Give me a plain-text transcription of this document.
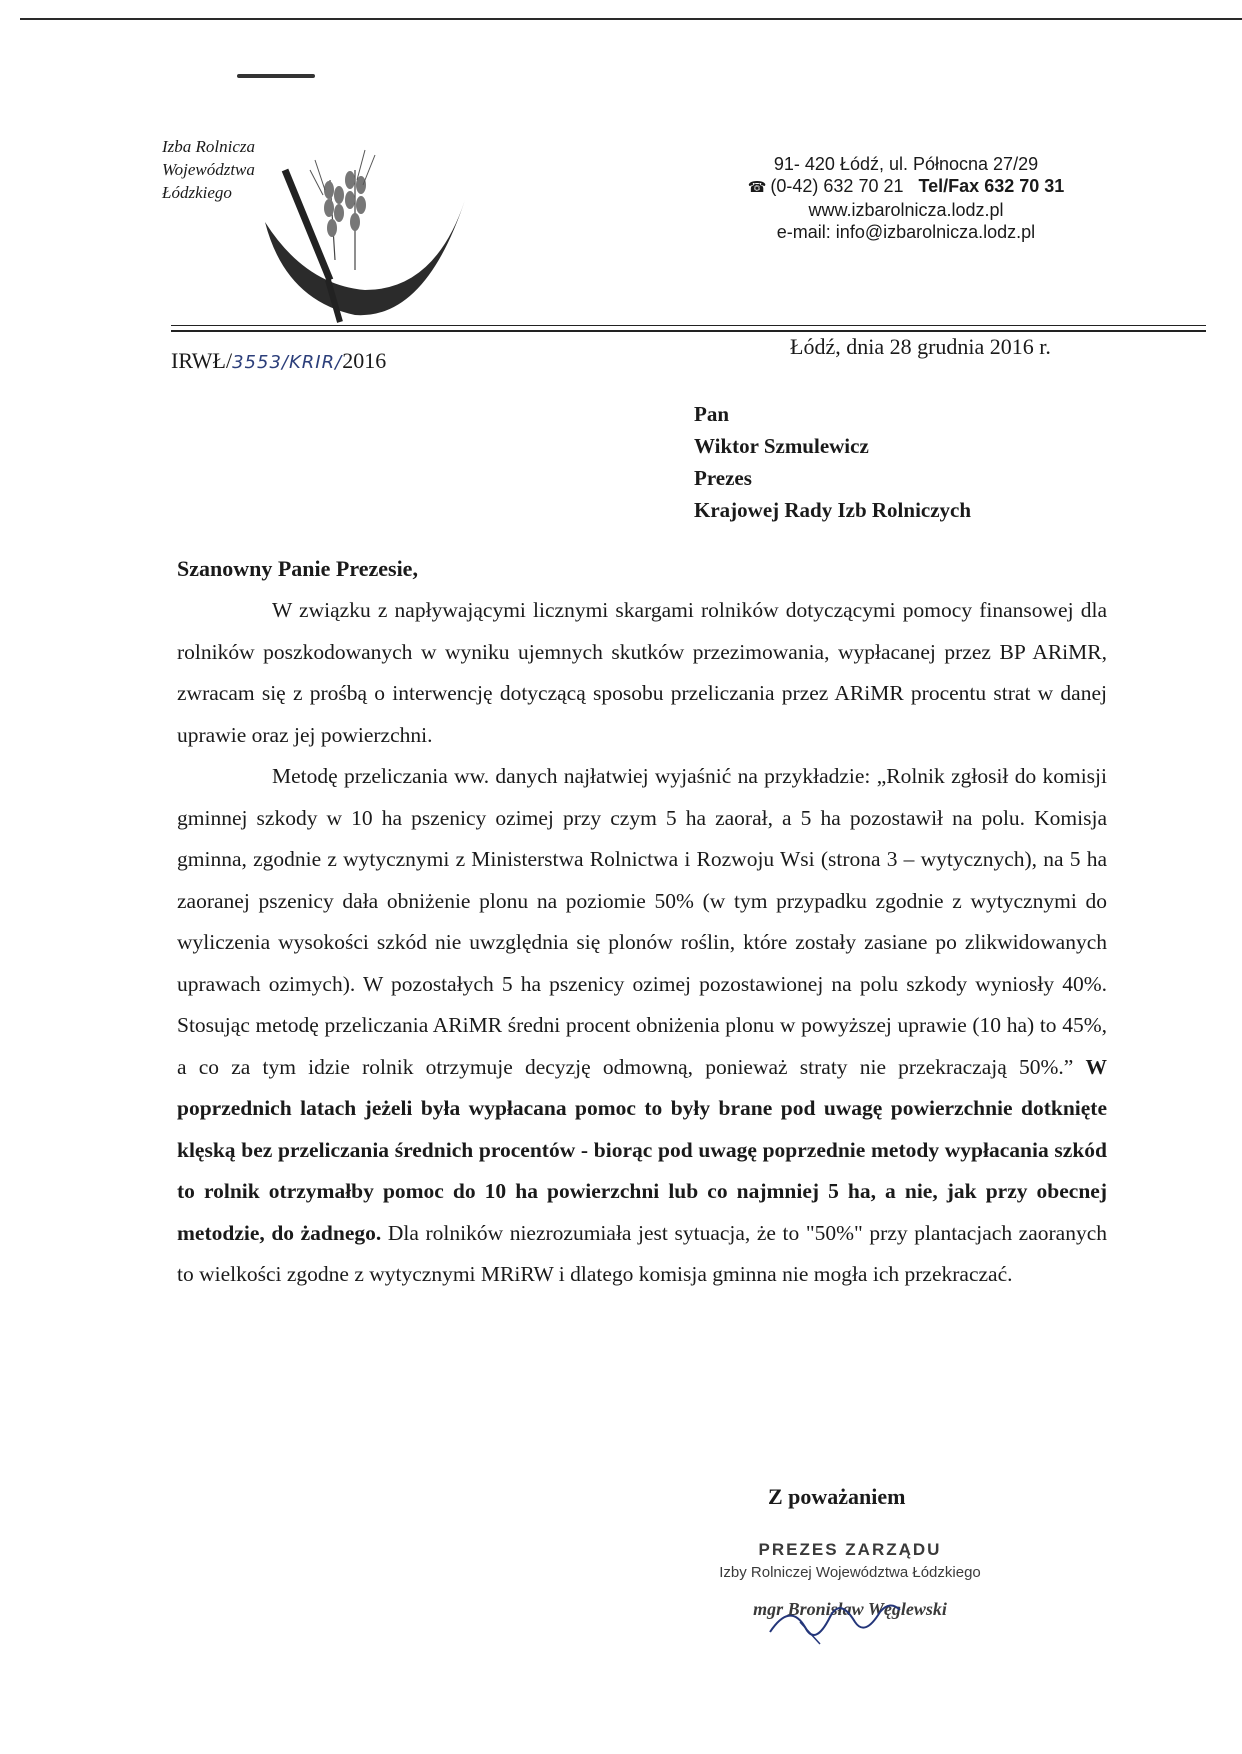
Izba Rolnicza
Województwa
Łódzkiego
91- 420 Łódź, ul. Północna 27/29
☎ (0-42) 632 70 21 Tel/Fax 632 70 31
www.izbarolnicza.lodz.pl
e-mail: info@izbarolnicza.lodz.pl
IRWŁ/3553/KRIR/2016
Łódź, dnia 28 grudnia 2016 r.
Pan
Wiktor Szmulewicz
Prezes
Krajowej Rady Izb Rolniczych
Szanowny Panie Prezesie,

W związku z napływającymi licznymi skargami rolników dotyczącymi pomocy finansowej dla rolników poszkodowanych w wyniku ujemnych skutków przezimowania, wypłacanej przez BP ARiMR, zwracam się z prośbą o interwencję dotyczącą sposobu przeliczania przez ARiMR procentu strat w danej uprawie oraz jej powierzchni.

Metodę przeliczania ww. danych najłatwiej wyjaśnić na przykładzie: „Rolnik zgłosił do komisji gminnej szkody w 10 ha pszenicy ozimej przy czym 5 ha zaorał, a 5 ha pozostawił na polu. Komisja gminna, zgodnie z wytycznymi z Ministerstwa Rolnictwa i Rozwoju Wsi (strona 3 – wytycznych), na 5 ha zaoranej pszenicy dała obniżenie plonu na poziomie 50% (w tym przypadku zgodnie z wytycznymi do wyliczenia wysokości szkód nie uwzględnia się plonów roślin, które zostały zasiane po zlikwidowanych uprawach ozimych). W pozostałych 5 ha pszenicy ozimej pozostawionej na polu szkody wyniosły 40%. Stosując metodę przeliczania ARiMR średni procent obniżenia plonu w powyższej uprawie (10 ha) to 45%, a co za tym idzie rolnik otrzymuje decyzję odmowną, ponieważ straty nie przekraczają 50%.” W poprzednich latach jeżeli była wypłacana pomoc to były brane pod uwagę powierzchnie dotknięte klęską bez przeliczania średnich procentów - biorąc pod uwagę poprzednie metody wypłacania szkód to rolnik otrzymałby pomoc do 10 ha powierzchni lub co najmniej 5 ha, a nie, jak przy obecnej metodzie, do żadnego. Dla rolników niezrozumiała jest sytuacja, że to "50%" przy plantacjach zaoranych to wielkości zgodne z wytycznymi MRiRW i dlatego komisja gminna nie mogła ich przekraczać.

Z poważaniem
PREZES ZARZĄDU
Izby Rolniczej Województwa Łódzkiego
mgr Bronisław Węglewski
